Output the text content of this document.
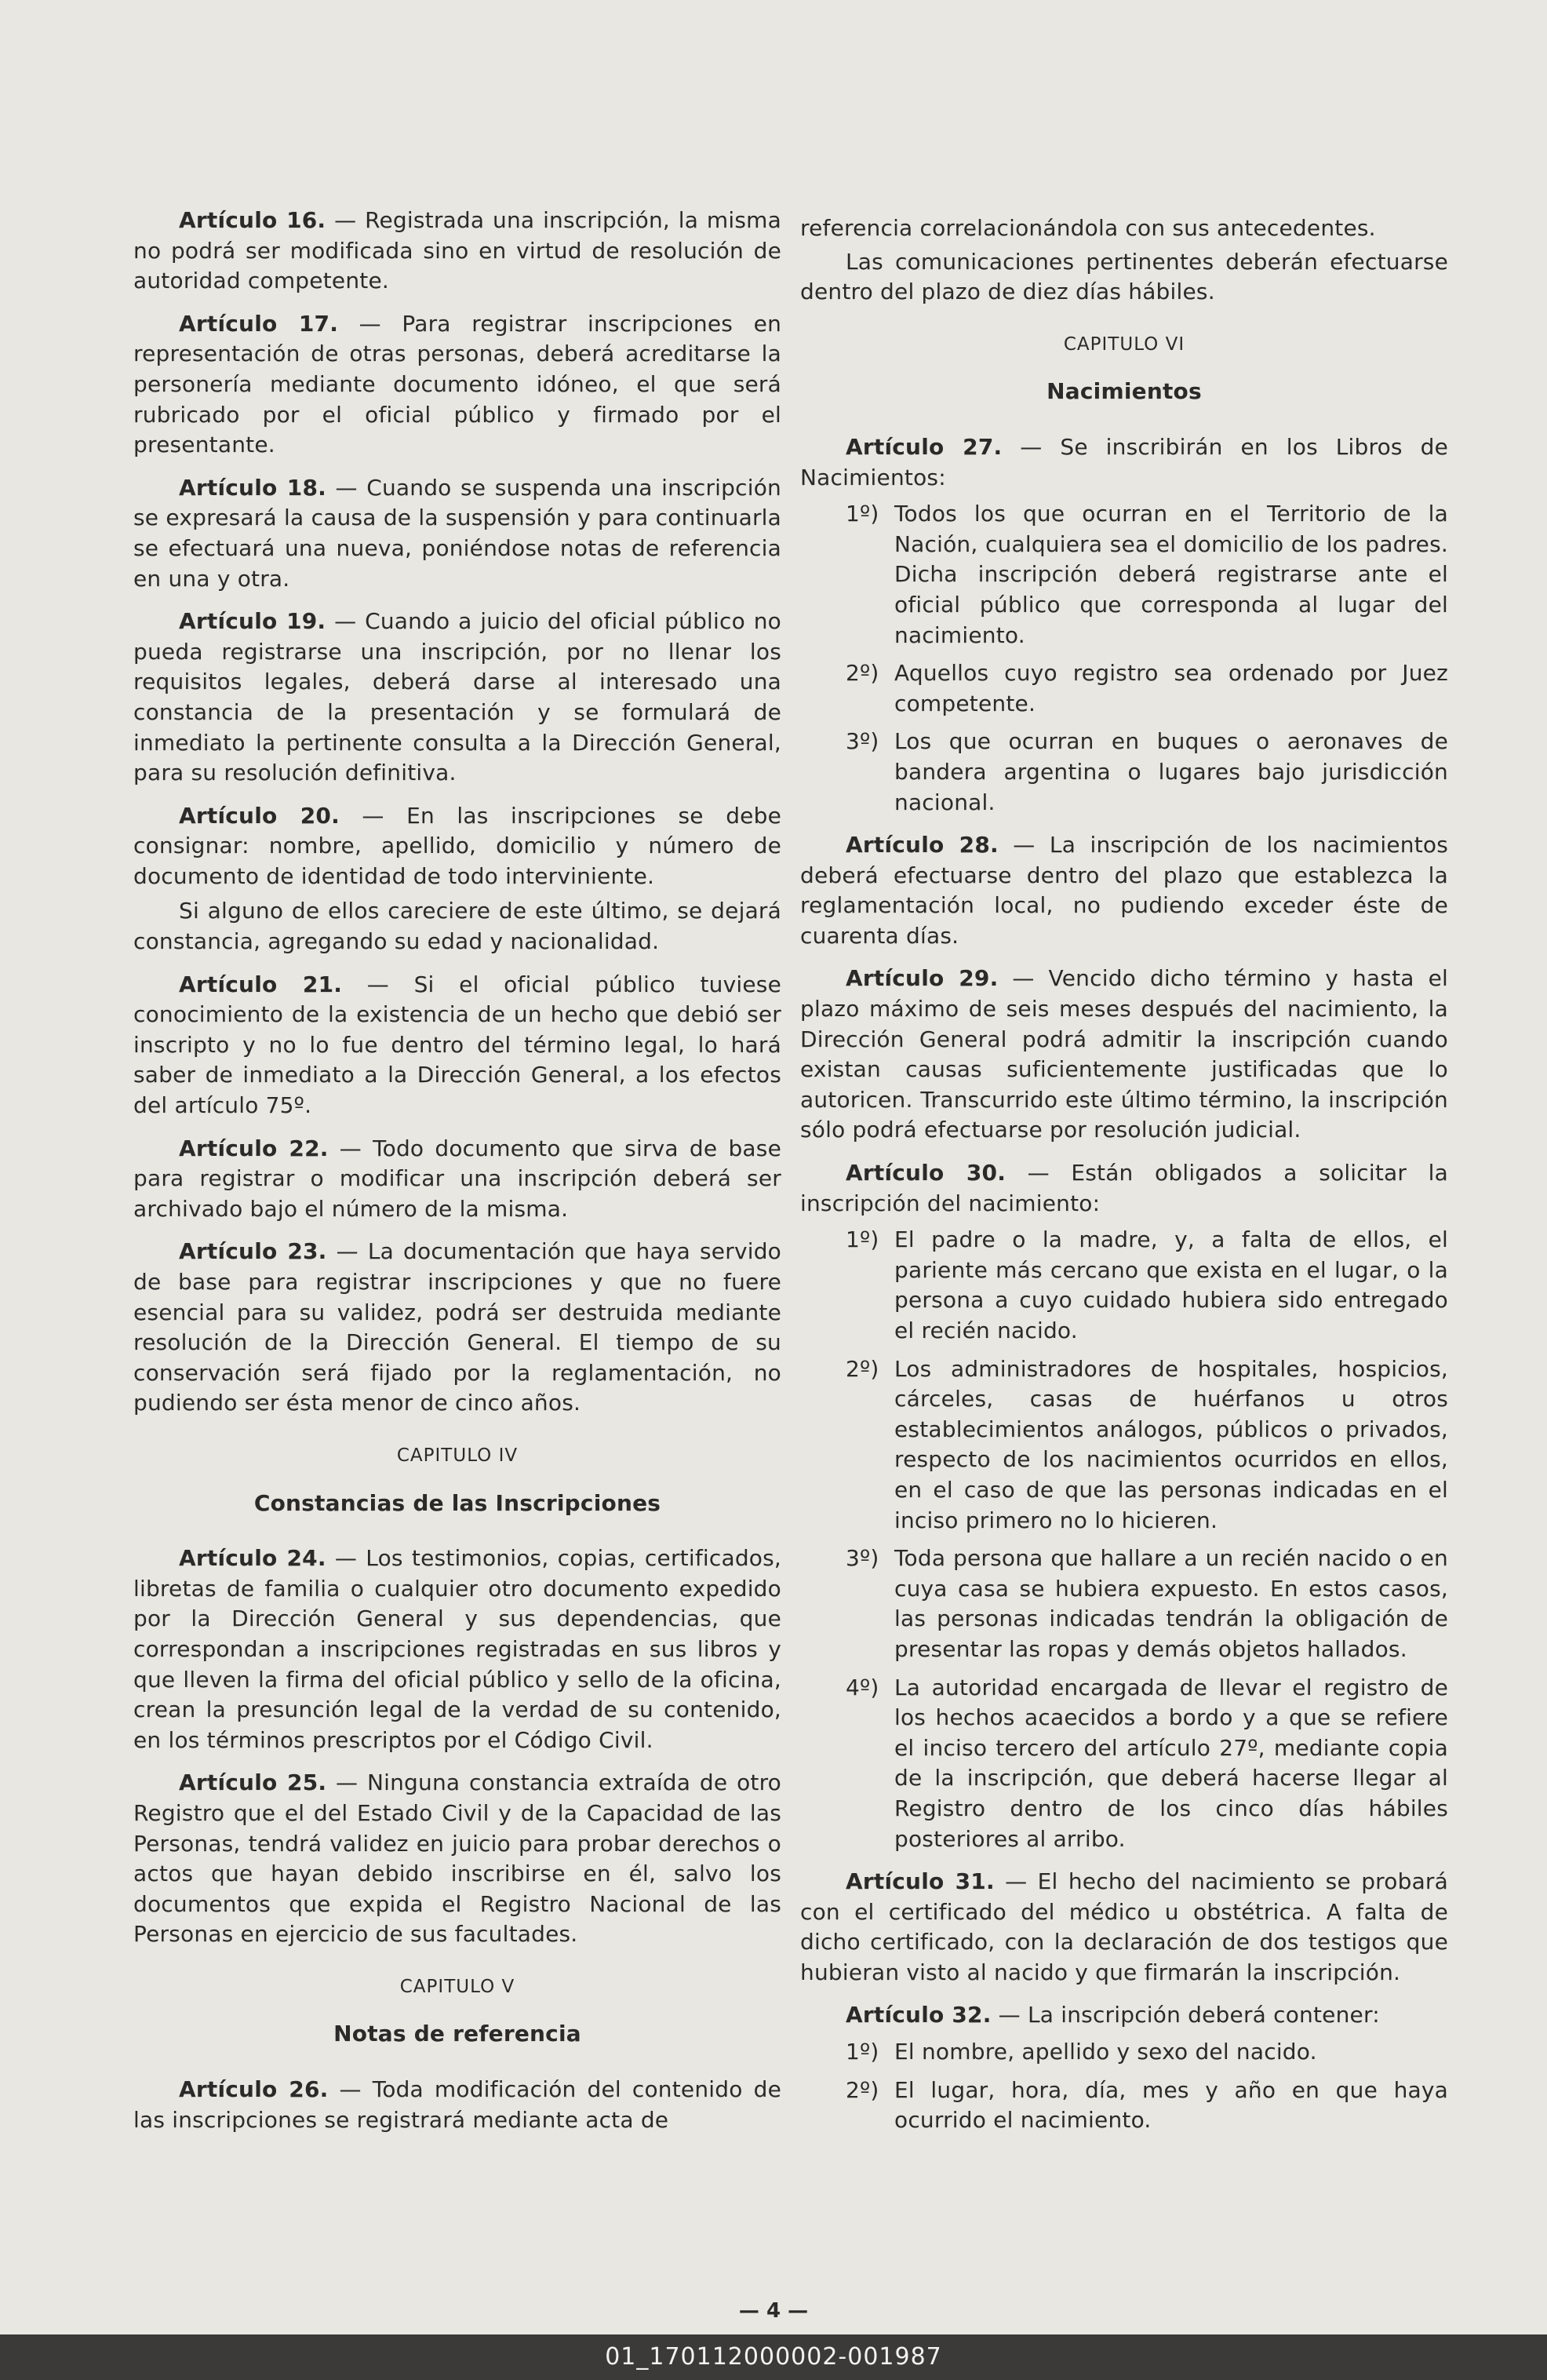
Artículo 16. — Registrada una inscripción, la misma no podrá ser modificada sino en virtud de resolución de autoridad competente.

Artículo 17. — Para registrar inscripciones en representación de otras personas, deberá acreditarse la personería mediante documento idóneo, el que será rubricado por el oficial público y firmado por el presentante.

Artículo 18. — Cuando se suspenda una inscripción se expresará la causa de la suspensión y para continuarla se efectuará una nueva, poniéndose notas de referencia en una y otra.

Artículo 19. — Cuando a juicio del oficial público no pueda registrarse una inscripción, por no llenar los requisitos legales, deberá darse al interesado una constancia de la presentación y se formulará de inmediato la pertinente consulta a la Dirección General, para su resolución definitiva.

Artículo 20. — En las inscripciones se debe consignar: nombre, apellido, domicilio y número de documento de identidad de todo interviniente.

Si alguno de ellos careciere de este último, se dejará constancia, agregando su edad y nacionalidad.

Artículo 21. — Si el oficial público tuviese conocimiento de la existencia de un hecho que debió ser inscripto y no lo fue dentro del término legal, lo hará saber de inmediato a la Dirección General, a los efectos del artículo 75º.

Artículo 22. — Todo documento que sirva de base para registrar o modificar una inscripción deberá ser archivado bajo el número de la misma.

Artículo 23. — La documentación que haya servido de base para registrar inscripciones y que no fuere esencial para su validez, podrá ser destruida mediante resolución de la Dirección General. El tiempo de su conservación será fijado por la reglamentación, no pudiendo ser ésta menor de cinco años.

CAPITULO IV
Constancias de las Inscripciones

Artículo 24. — Los testimonios, copias, certificados, libretas de familia o cualquier otro documento expedido por la Dirección General y sus dependencias, que correspondan a inscripciones registradas en sus libros y que lleven la firma del oficial público y sello de la oficina, crean la presunción legal de la verdad de su contenido, en los términos prescriptos por el Código Civil.

Artículo 25. — Ninguna constancia extraída de otro Registro que el del Estado Civil y de la Capacidad de las Personas, tendrá validez en juicio para probar derechos o actos que hayan debido inscribirse en él, salvo los documentos que expida el Registro Nacional de las Personas en ejercicio de sus facultades.

CAPITULO V
Notas de referencia

Artículo 26. — Toda modificación del contenido de las inscripciones se registrará mediante acta de

referencia correlacionándola con sus antecedentes.

Las comunicaciones pertinentes deberán efectuarse dentro del plazo de diez días hábiles.

CAPITULO VI
Nacimientos

Artículo 27. — Se inscribirán en los Libros de Nacimientos:

1º) Todos los que ocurran en el Territorio de la Nación, cualquiera sea el domicilio de los padres. Dicha inscripción deberá registrarse ante el oficial público que corresponda al lugar del nacimiento.
2º) Aquellos cuyo registro sea ordenado por Juez competente.
3º) Los que ocurran en buques o aeronaves de bandera argentina o lugares bajo jurisdicción nacional.

Artículo 28. — La inscripción de los nacimientos deberá efectuarse dentro del plazo que establezca la reglamentación local, no pudiendo exceder éste de cuarenta días.

Artículo 29. — Vencido dicho término y hasta el plazo máximo de seis meses después del nacimiento, la Dirección General podrá admitir la inscripción cuando existan causas suficientemente justificadas que lo autoricen. Transcurrido este último término, la inscripción sólo podrá efectuarse por resolución judicial.

Artículo 30. — Están obligados a solicitar la inscripción del nacimiento:

1º) El padre o la madre, y, a falta de ellos, el pariente más cercano que exista en el lugar, o la persona a cuyo cuidado hubiera sido entregado el recién nacido.
2º) Los administradores de hospitales, hospicios, cárceles, casas de huérfanos u otros establecimientos análogos, públicos o privados, respecto de los nacimientos ocurridos en ellos, en el caso de que las personas indicadas en el inciso primero no lo hicieren.
3º) Toda persona que hallare a un recién nacido o en cuya casa se hubiera expuesto. En estos casos, las personas indicadas tendrán la obligación de presentar las ropas y demás objetos hallados.
4º) La autoridad encargada de llevar el registro de los hechos acaecidos a bordo y a que se refiere el inciso tercero del artículo 27º, mediante copia de la inscripción, que deberá hacerse llegar al Registro dentro de los cinco días hábiles posteriores al arribo.

Artículo 31. — El hecho del nacimiento se probará con el certificado del médico u obstétrica. A falta de dicho certificado, con la declaración de dos testigos que hubieran visto al nacido y que firmarán la inscripción.

Artículo 32. — La inscripción deberá contener:

1º) El nombre, apellido y sexo del nacido.
2º) El lugar, hora, día, mes y año en que haya ocurrido el nacimiento.
— 4 —
01_170112000002-001987
